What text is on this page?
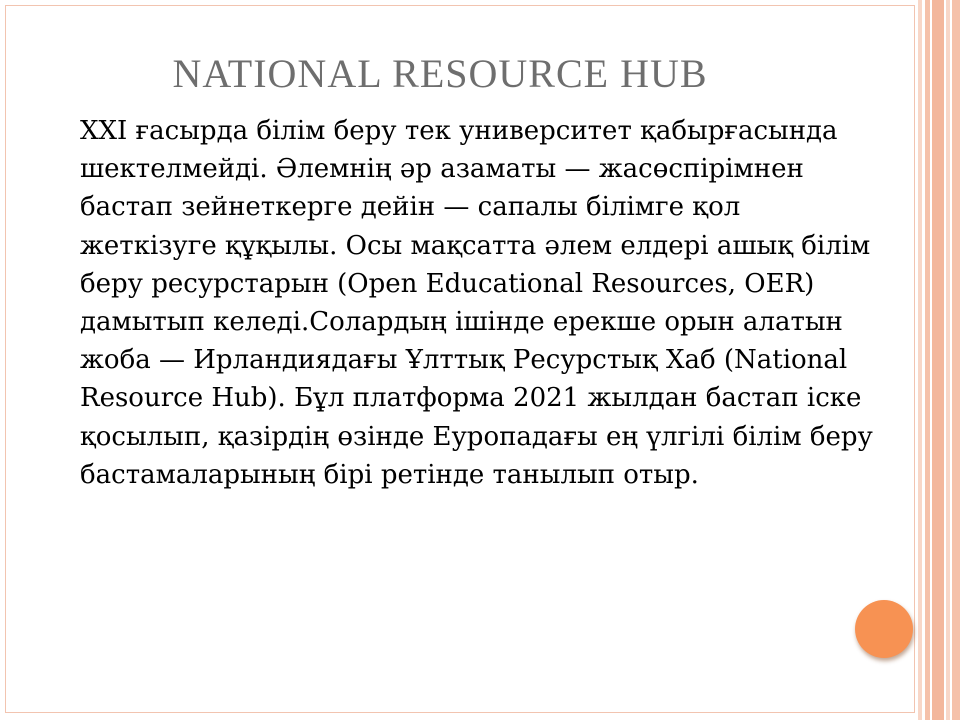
NATIONAL RESOURCE HUB

XXI ғасырда білім беру тек университет қабырғасында шектелмейді. Әлемнің әр азаматы — жасөспірімнен бастап зейнеткерге дейін — сапалы білімге қол жеткізуге құқылы. Осы мақсатта әлем елдері ашық білім беру ресурстарын (Open Educational Resources, OER) дамытып келеді.Солардың ішінде ерекше орын алатын жоба — Ирландиядағы Ұлттық Ресурстық Хаб (National Resource Hub). Бұл платформа 2021 жылдан бастап іске қосылып, қазірдің өзінде Еуропадағы ең үлгілі білім беру бастамаларының бірі ретінде танылып отыр.
